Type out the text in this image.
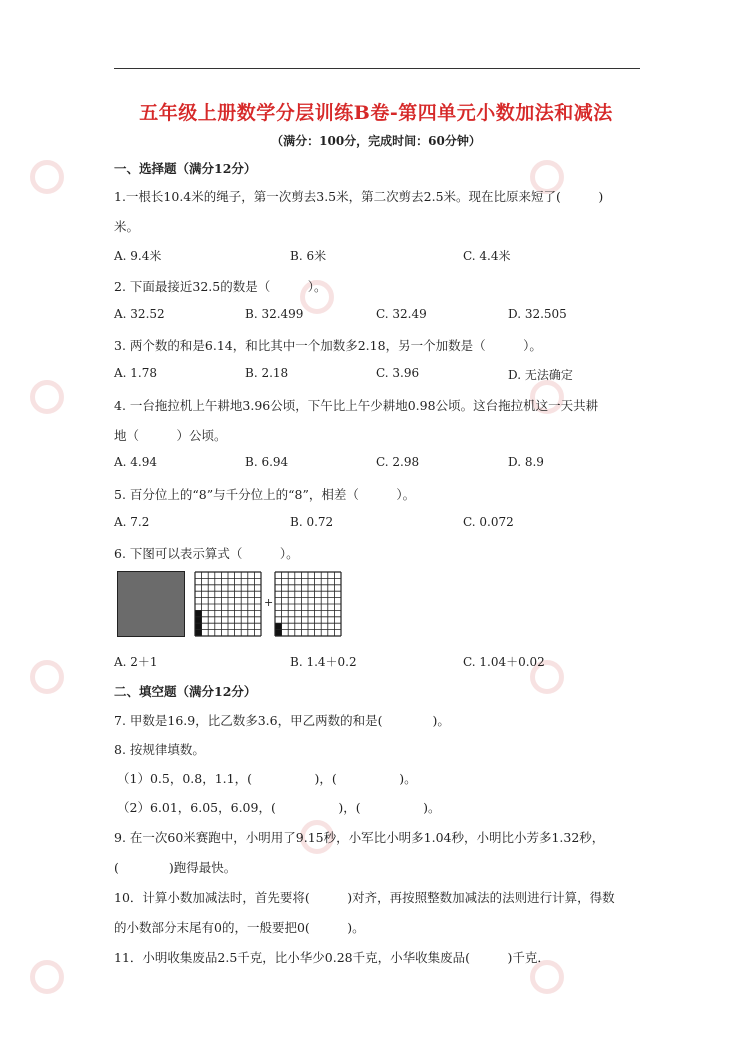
五年级上册数学分层训练B卷-第四单元小数加法和减法
（满分：100分，完成时间：60分钟）
一、选择题（满分12分）
1.一根长10.4米的绳子，第一次剪去3.5米，第二次剪去2.5米。现在比原来短了(　　　)
米。
A. 9.4米	B. 6米	C. 4.4米
2. 下面最接近32.5的数是（　　　）。
A. 32.52	B. 32.499	C. 32.49	D. 32.505
3. 两个数的和是6.14，和比其中一个加数多2.18，另一个加数是（　　　）。
A. 1.78	B. 2.18	C. 3.96	D. 无法确定
4. 一台拖拉机上午耕地3.96公顷，下午比上午少耕地0.98公顷。这台拖拉机这一天共耕
地（　　　）公顷。
A. 4.94	B. 6.94	C. 2.98	D. 8.9
5. 百分位上的“8”与千分位上的“8”，相差（　　　）。
A. 7.2	B. 0.72	C. 0.072
6. 下图可以表示算式（　　　）。
+
A. 2＋1	B. 1.4＋0.2	C. 1.04＋0.02
二、填空题（满分12分）
7. 甲数是16.9，比乙数多3.6，甲乙两数的和是(　　　　)。
8. 按规律填数。
（1）0.5，0.8，1.1，(　　　　　)，(　　　　　)。
（2）6.01，6.05，6.09，(　　　　　)，(　　　　　)。
9. 在一次60米赛跑中，小明用了9.15秒，小军比小明多1.04秒，小明比小芳多1.32秒，
(　　　　)跑得最快。
10．计算小数加减法时，首先要将(　　　)对齐，再按照整数加减法的法则进行计算，得数
的小数部分末尾有0的，一般要把0(　　　)。
11．小明收集废品2.5千克，比小华少0.28千克，小华收集废品(　　　)千克．
